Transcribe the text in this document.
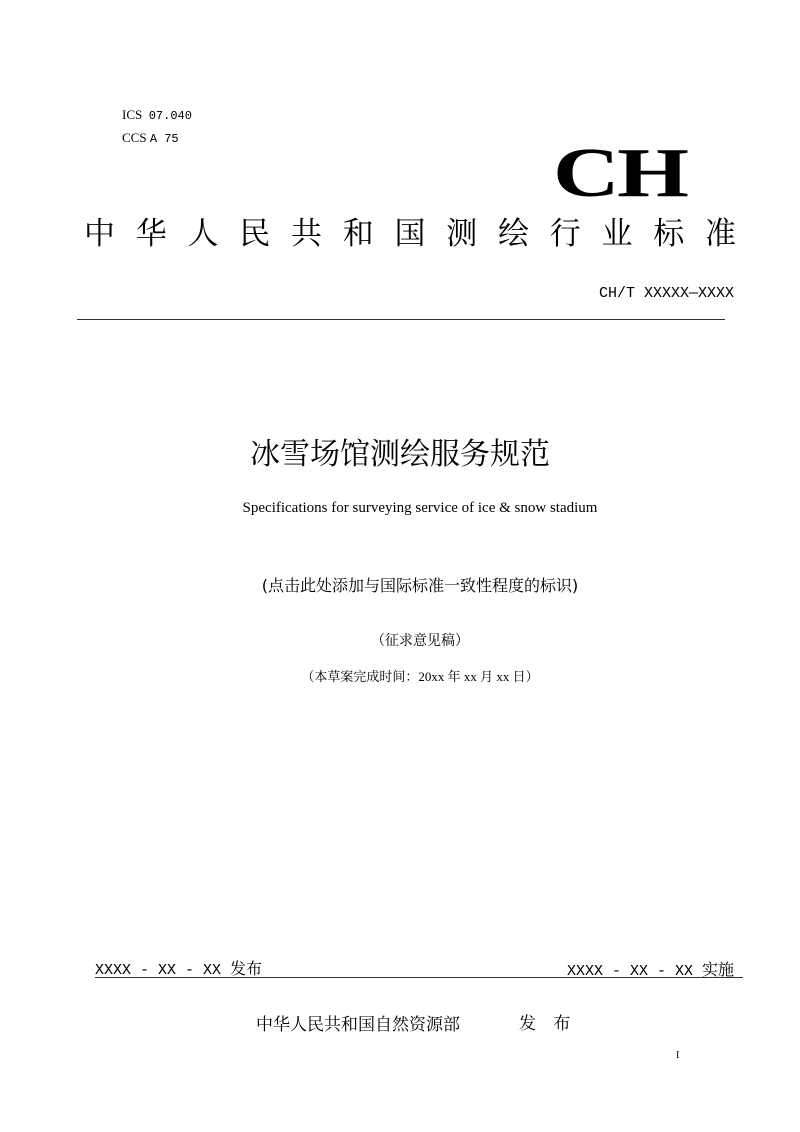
ICS 07.040
CCS A 75	CH
中 华 人 民 共 和 国 测 绘 行 业 标 准
CH/T XXXXX—XXXX
冰雪场馆测绘服务规范
Specifications for surveying service of ice & snow stadium
(点击此处添加与国际标准一致性程度的标识)
（征求意见稿）
（本草案完成时间：20xx 年 xx 月 xx 日）
XXXX - XX - XX 发布	XXXX - XX - XX 实施
中华人民共和国自然资源部	发 布
I
